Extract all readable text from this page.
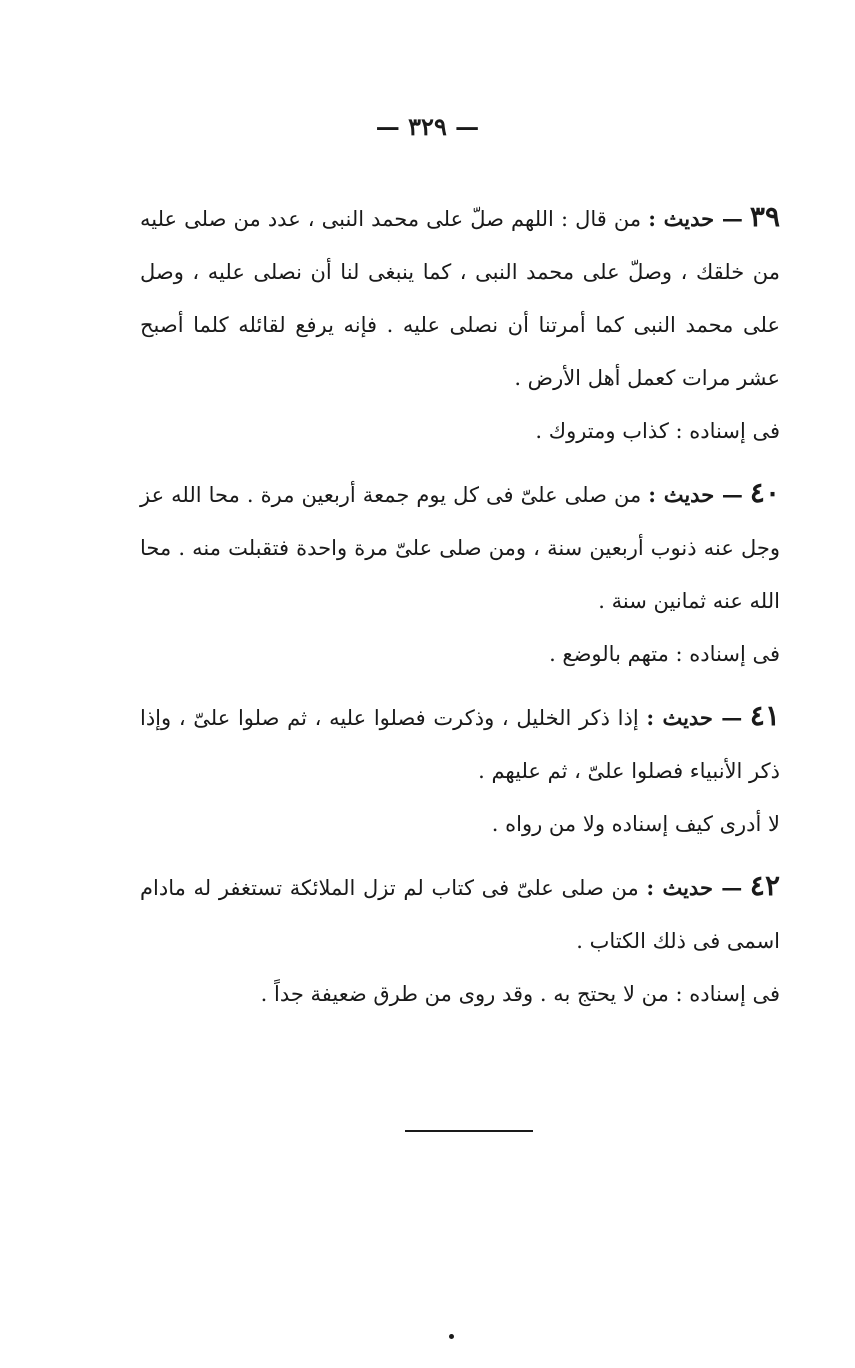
— ٣٢٩ —

٣٩ — حديث : من قال : اللهم صلّ على محمد النبى ، عدد من صلى عليه من خلقك ، وصلّ على محمد النبى ، كما ينبغى لنا أن نصلى عليه ، وصل على محمد النبى كما أمرتنا أن نصلى عليه . فإنه يرفع لقائله كلما أصبح عشر مرات كعمل أهل الأرض .

فى إسناده : كذاب ومتروك .

٤٠ — حديث : من صلى علىّ فى كل يوم جمعة أربعين مرة . محا الله عز وجل عنه ذنوب أربعين سنة ، ومن صلى علىّ مرة واحدة فتقبلت منه . محا الله عنه ثمانين سنة .

فى إسناده : متهم بالوضع .

٤١ — حديث : إذا ذكر الخليل ، وذكرت فصلوا عليه ، ثم صلوا علىّ ، وإذا ذكر الأنبياء فصلوا علىّ ، ثم عليهم .

لا أدرى كيف إسناده ولا من رواه .

٤٢ — حديث : من صلى علىّ فى كتاب لم تزل الملائكة تستغفر له مادام اسمى فى ذلك الكتاب .

فى إسناده : من لا يحتج به . وقد روى من طرق ضعيفة جداً .
